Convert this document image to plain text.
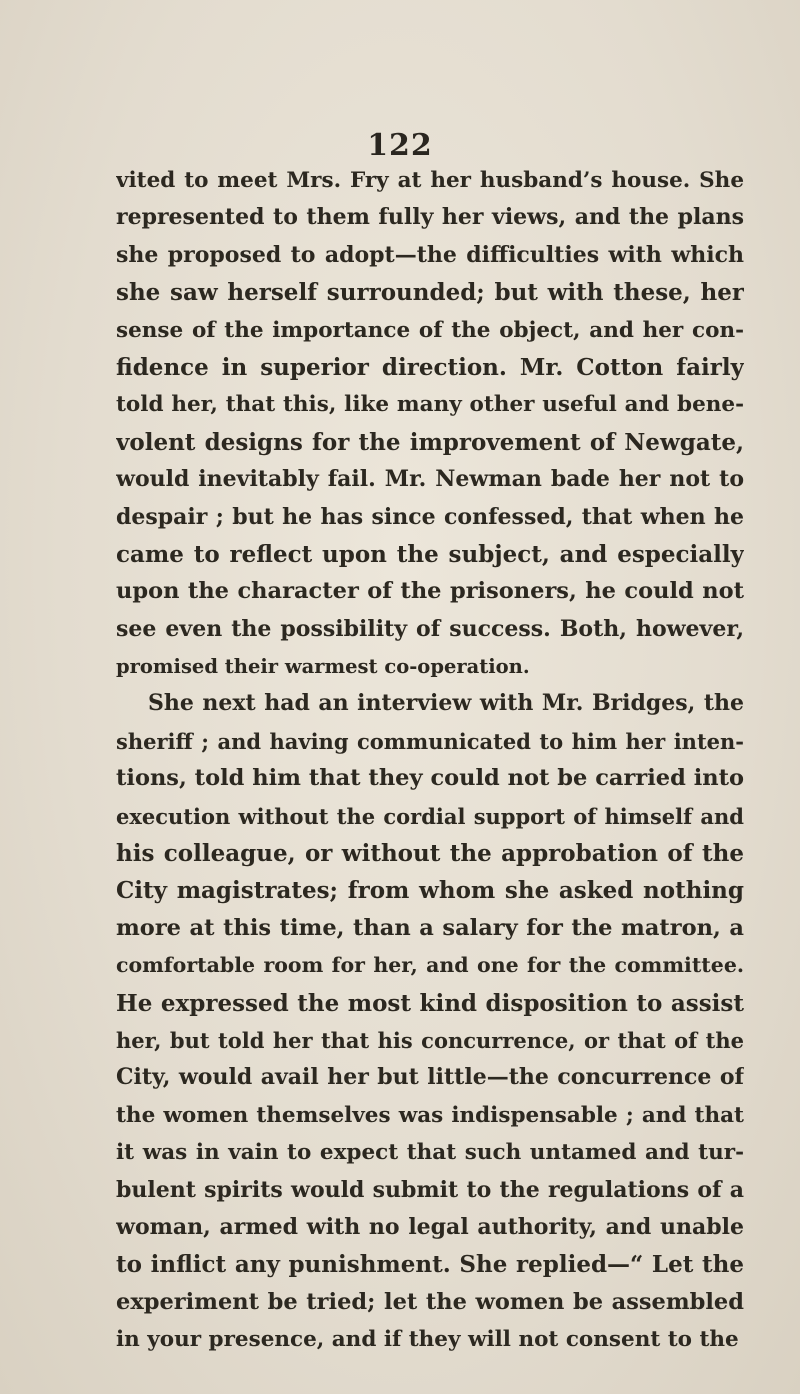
122
vited to meet Mrs. Fry at her husband’s house. She
represented to them fully her views, and the plans
she proposed to adopt—the difficulties with which
she saw herself surrounded; but with these, her
sense of the importance of the object, and her con-
fidence in superior direction. Mr. Cotton fairly
told her, that this, like many other useful and bene-
volent designs for the improvement of Newgate,
would inevitably fail. Mr. Newman bade her not to
despair ; but he has since confessed, that when he
came to reflect upon the subject, and especially
upon the character of the prisoners, he could not
see even the possibility of success. Both, however,
promised their warmest co-operation.
She next had an interview with Mr. Bridges, the
sheriff ; and having communicated to him her inten-
tions, told him that they could not be carried into
execution without the cordial support of himself and
his colleague, or without the approbation of the
City magistrates; from whom she asked nothing
more at this time, than a salary for the matron, a
comfortable room for her, and one for the committee.
He expressed the most kind disposition to assist
her, but told her that his concurrence, or that of the
City, would avail her but little—the concurrence of
the women themselves was indispensable ; and that
it was in vain to expect that such untamed and tur-
bulent spirits would submit to the regulations of a
woman, armed with no legal authority, and unable
to inflict any punishment. She replied—“ Let the
experiment be tried; let the women be assembled
in your presence, and if they will not consent to the
